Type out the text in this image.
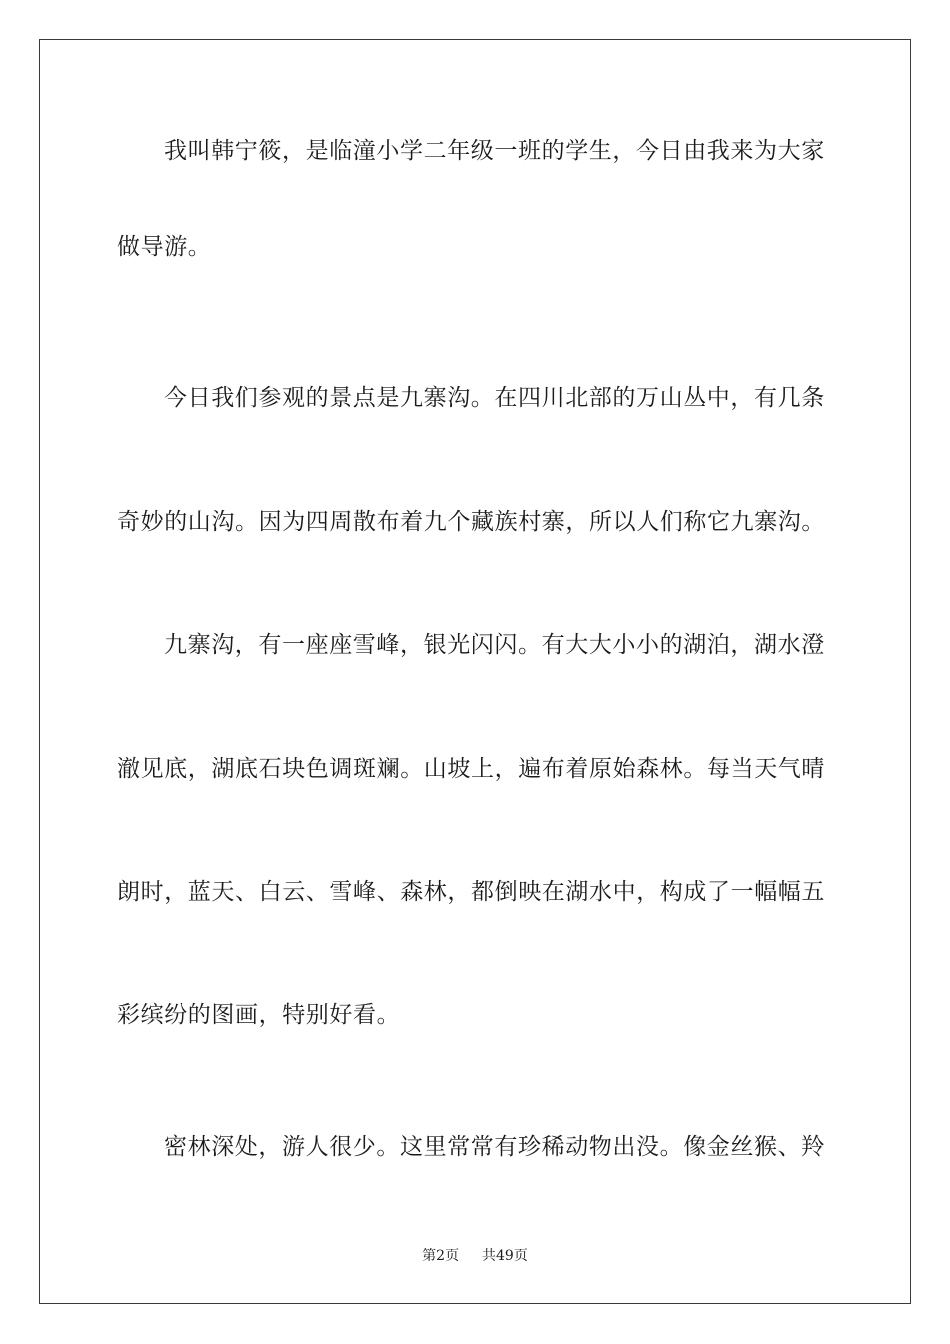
我叫韩宁筱，是临潼小学二年级一班的学生，今日由我来为大家
做导游。
今日我们参观的景点是九寨沟。在四川北部的万山丛中，有几条
奇妙的山沟。因为四周散布着九个藏族村寨，所以人们称它九寨沟。
九寨沟，有一座座雪峰，银光闪闪。有大大小小的湖泊，湖水澄
澈见底，湖底石块色调斑斓。山坡上，遍布着原始森林。每当天气晴
朗时，蓝天、白云、雪峰、森林，都倒映在湖水中，构成了一幅幅五
彩缤纷的图画，特别好看。
密林深处，游人很少。这里常常有珍稀动物出没。像金丝猴、羚
第2页 共49页
